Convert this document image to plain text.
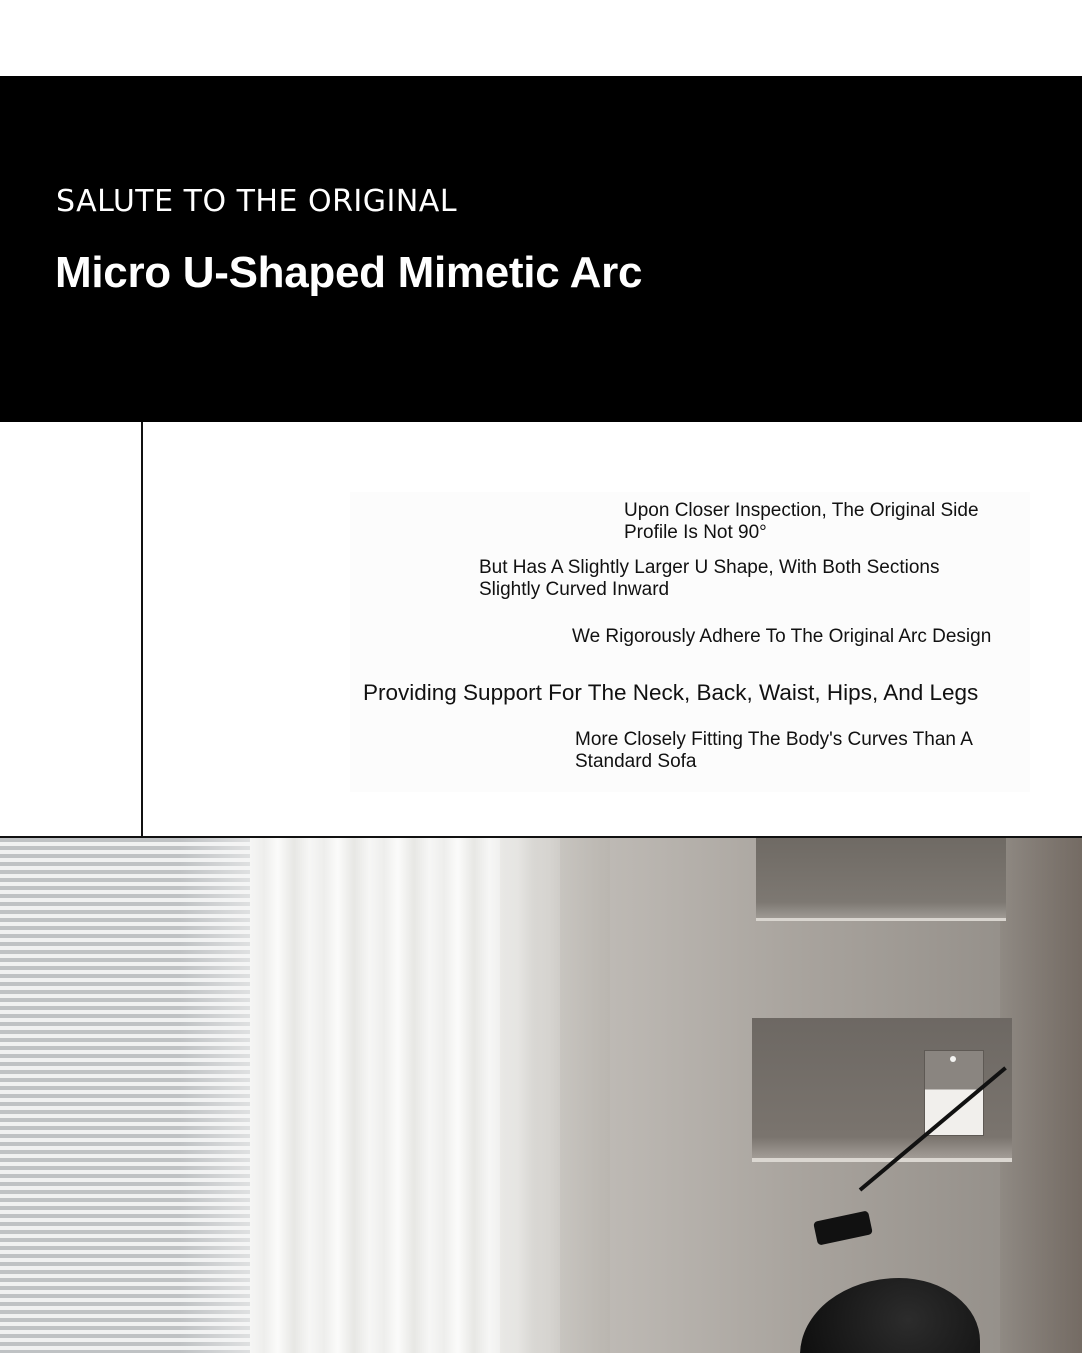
SALUTE TO THE ORIGINAL
Micro U-Shaped Mimetic Arc

Upon Closer Inspection, The Original Side Profile Is Not 90°

But Has A Slightly Larger U Shape, With Both Sections Slightly Curved Inward

We Rigorously Adhere To The Original Arc Design

Providing Support For The Neck, Back, Waist, Hips, And Legs

More Closely Fitting The Body's Curves Than A Standard Sofa
